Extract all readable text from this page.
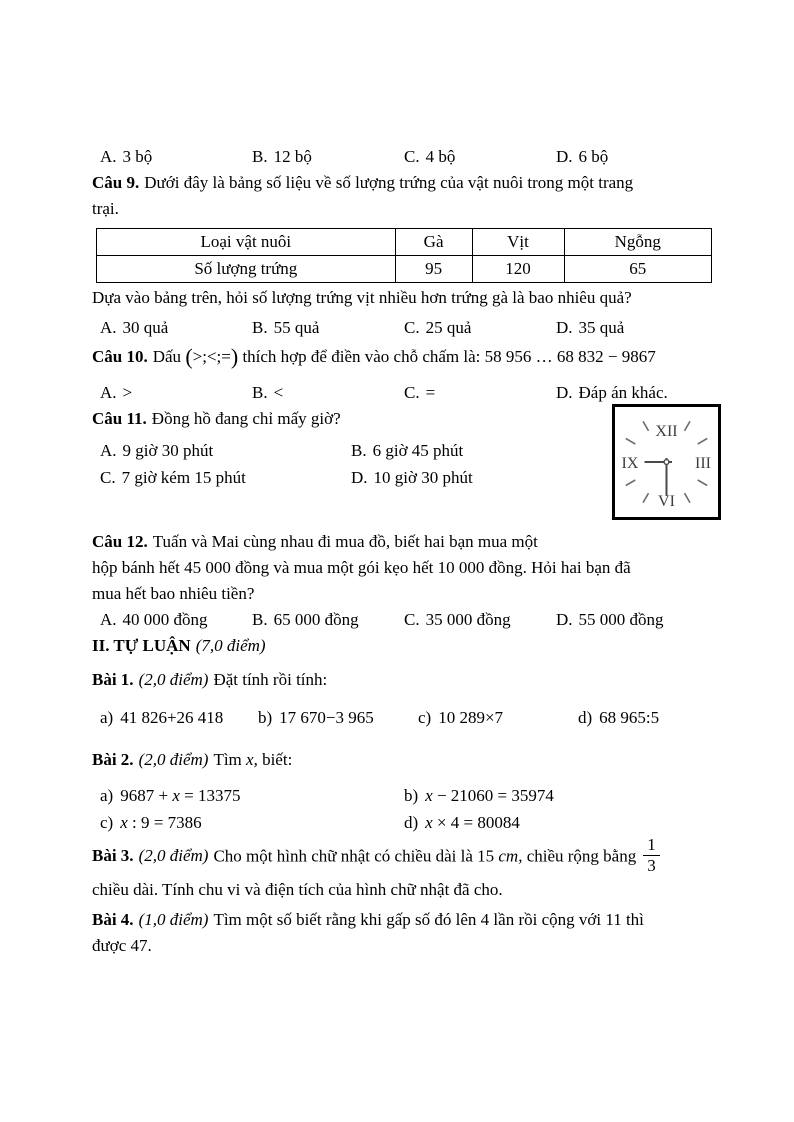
A. 3 bộ	B. 12 bộ	C. 4 bộ	D. 6 bộ

Câu 9. Dưới đây là bảng số liệu về số lượng trứng của vật nuôi trong một trang
trại.

Loại vật nuôi	Gà	Vịt	Ngỗng
Số lượng trứng	95	120	65

Dựa vào bảng trên, hỏi số lượng trứng vịt nhiều hơn trứng gà là bao nhiêu quả?

A. 30 quả	B. 55 quả	C. 25 quả	D. 35 quả

Câu 10. Dấu (>;<;=) thích hợp để điền vào chỗ chấm là: 58 956 … 68 832 − 9867

A. >	B. <	C. =	D. Đáp án khác.

Câu 11. Đồng hồ đang chỉ mấy giờ?

A. 9 giờ 30 phút	B. 6 giờ 45 phút
C. 7 giờ kém 15 phút	D. 10 giờ 30 phút

Câu 12. Tuấn và Mai cùng nhau đi mua đồ, biết hai bạn mua một
hộp bánh hết 45 000 đồng và mua một gói kẹo hết 10 000 đồng. Hỏi hai bạn đã
mua hết bao nhiêu tiền?

A. 40 000 đồng	B. 65 000 đồng	C. 35 000 đồng	D. 55 000 đồng

II. TỰ LUẬN (7,0 điểm)

Bài 1. (2,0 điểm) Đặt tính rồi tính:

a) 41 826+26 418	b) 17 670−3 965	c) 10 289×7	d) 68 965:5

Bài 2. (2,0 điểm) Tìm x, biết:

a) 9687 + x = 13375	b) x − 21060 = 35974
c) x : 9 = 7386	d) x × 4 = 80084

Bài 3. (2,0 điểm) Cho một hình chữ nhật có chiều dài là 15 cm, chiều rộng bằng $\frac{1}{3}$
chiều dài. Tính chu vi và điện tích của hình chữ nhật đã cho.

Bài 4. (1,0 điểm) Tìm một số biết rằng khi gấp số đó lên 4 lần rồi cộng với 11 thì
được 47.

XII
III
VI
IX
